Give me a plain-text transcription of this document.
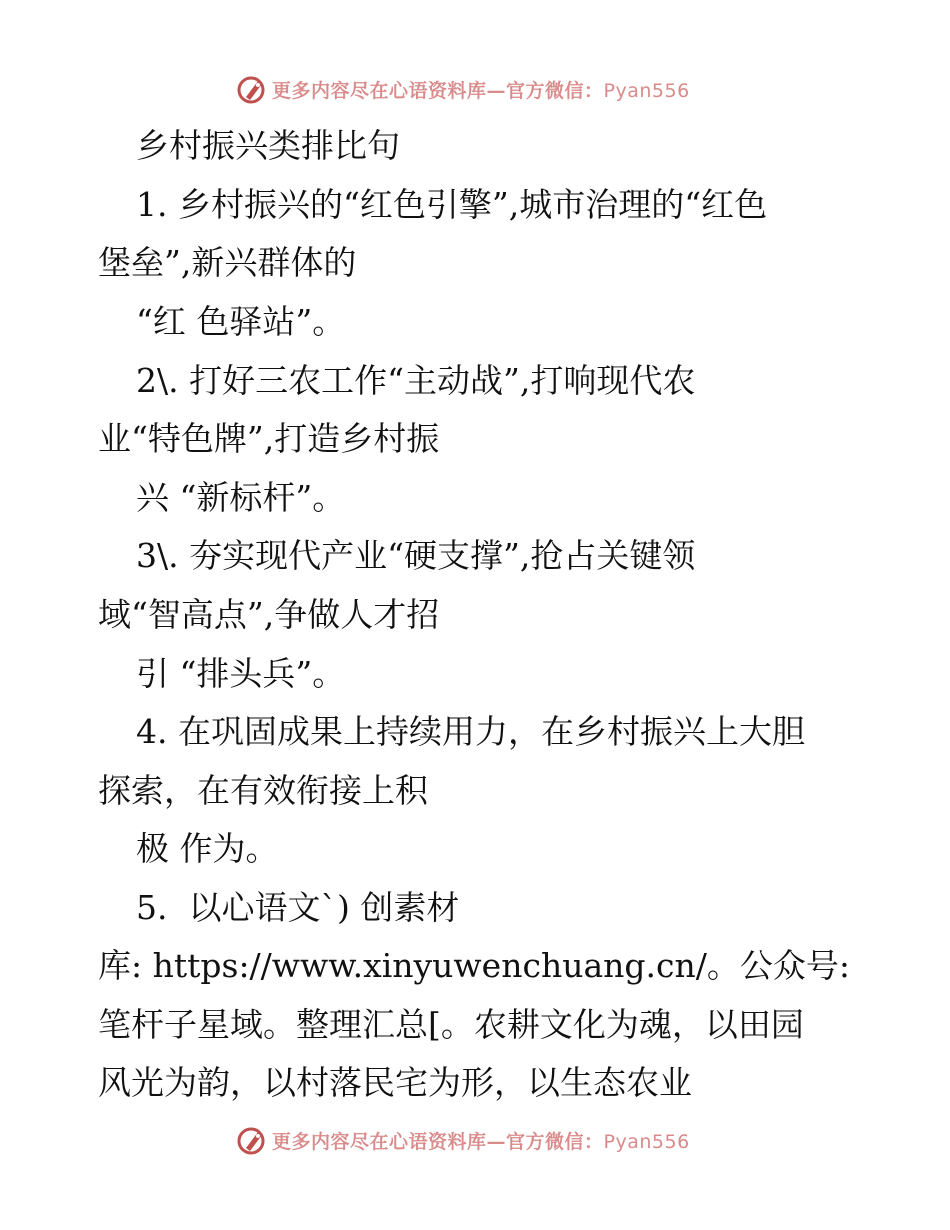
更多内容尽在心语资料库—官方微信：Pyan556
乡村振兴类排比句
1. 乡村振兴的“红色引擎”,城市治理的“红色
堡垒”,新兴群体的
“红 色驿站”。
2\. 打好三农工作“主动战”,打响现代农
业“特色牌”,打造乡村振
兴 “新标杆”。
3\. 夯实现代产业“硬支撑”,抢占关键领
域“智高点”,争做人才招
引 “排头兵”。
4. 在巩固成果上持续用力，在乡村振兴上大胆
探索，在有效衔接上积
极 作为。
5.  以心语文`) 创素材
库: https://www.xinyuwenchuang.cn/。公众号:
笔杆子星域。整理汇总[。农耕文化为魂，以田园
风光为韵，以村落民宅为形，以生态农业
更多内容尽在心语资料库—官方微信：Pyan556
